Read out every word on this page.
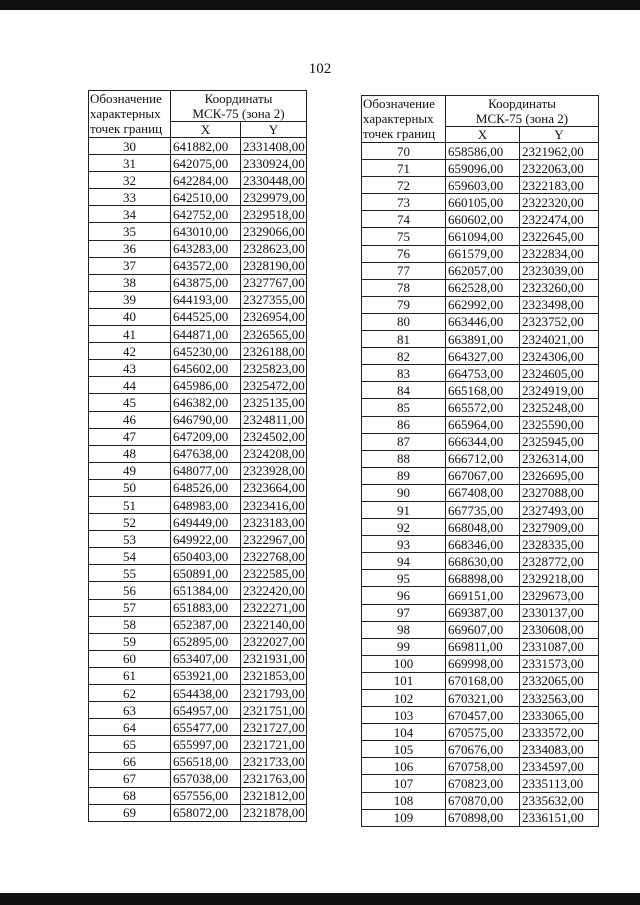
102
Обозначение
характерных
точек границ	Координаты
МСК-75 (зона 2)	
	X	Y
30	641882,00	2331408,00
31	642075,00	2330924,00
32	642284,00	2330448,00
33	642510,00	2329979,00
34	642752,00	2329518,00
35	643010,00	2329066,00
36	643283,00	2328623,00
37	643572,00	2328190,00
38	643875,00	2327767,00
39	644193,00	2327355,00
40	644525,00	2326954,00
41	644871,00	2326565,00
42	645230,00	2326188,00
43	645602,00	2325823,00
44	645986,00	2325472,00
45	646382,00	2325135,00
46	646790,00	2324811,00
47	647209,00	2324502,00
48	647638,00	2324208,00
49	648077,00	2323928,00
50	648526,00	2323664,00
51	648983,00	2323416,00
52	649449,00	2323183,00
53	649922,00	2322967,00
54	650403,00	2322768,00
55	650891,00	2322585,00
56	651384,00	2322420,00
57	651883,00	2322271,00
58	652387,00	2322140,00
59	652895,00	2322027,00
60	653407,00	2321931,00
61	653921,00	2321853,00
62	654438,00	2321793,00
63	654957,00	2321751,00
64	655477,00	2321727,00
65	655997,00	2321721,00
66	656518,00	2321733,00
67	657038,00	2321763,00
68	657556,00	2321812,00
69	658072,00	2321878,00
Обозначение
характерных
точек границ	Координаты
МСК-75 (зона 2)	
	X	Y
70	658586,00	2321962,00
71	659096,00	2322063,00
72	659603,00	2322183,00
73	660105,00	2322320,00
74	660602,00	2322474,00
75	661094,00	2322645,00
76	661579,00	2322834,00
77	662057,00	2323039,00
78	662528,00	2323260,00
79	662992,00	2323498,00
80	663446,00	2323752,00
81	663891,00	2324021,00
82	664327,00	2324306,00
83	664753,00	2324605,00
84	665168,00	2324919,00
85	665572,00	2325248,00
86	665964,00	2325590,00
87	666344,00	2325945,00
88	666712,00	2326314,00
89	667067,00	2326695,00
90	667408,00	2327088,00
91	667735,00	2327493,00
92	668048,00	2327909,00
93	668346,00	2328335,00
94	668630,00	2328772,00
95	668898,00	2329218,00
96	669151,00	2329673,00
97	669387,00	2330137,00
98	669607,00	2330608,00
99	669811,00	2331087,00
100	669998,00	2331573,00
101	670168,00	2332065,00
102	670321,00	2332563,00
103	670457,00	2333065,00
104	670575,00	2333572,00
105	670676,00	2334083,00
106	670758,00	2334597,00
107	670823,00	2335113,00
108	670870,00	2335632,00
109	670898,00	2336151,00
